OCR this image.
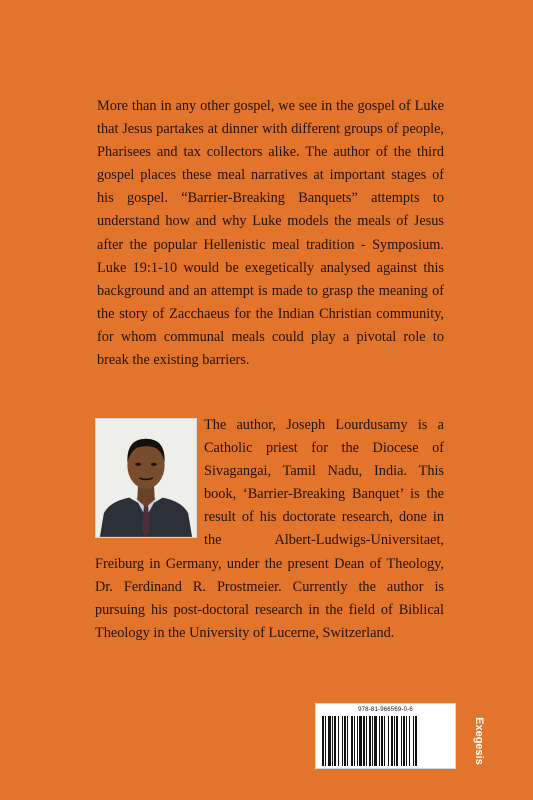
More than in any other gospel, we see in the gospel of Luke that Jesus partakes at dinner with different groups of people, Pharisees and tax collectors alike. The author of the third gospel places these meal narratives at important stages of his gospel. “Barrier-Breaking Banquets” attempts to understand how and why Luke models the meals of Jesus after the popular Hellenistic meal tradition - Symposium. Luke 19:1-10 would be exegetically analysed against this background and an attempt is made to grasp the meaning of the story of Zacchaeus for the Indian Christian community, for whom communal meals could play a pivotal role to break the existing barriers.

The author, Joseph Lourdusamy is a Catholic priest for the Diocese of Sivagangai, Tamil Nadu, India. This book, ‘Barrier-Breaking Banquet’ is the result of his doctorate research, done in the Albert-Ludwigs-Universitaet, Freiburg in Germany, under the present Dean of Theology, Dr. Ferdinand R. Prostmeier. Currently the author is pursuing his post-doctoral research in the field of Biblical Theology in the University of Lucerne, Switzerland.

978-81-966569-0-6
Exegesis
